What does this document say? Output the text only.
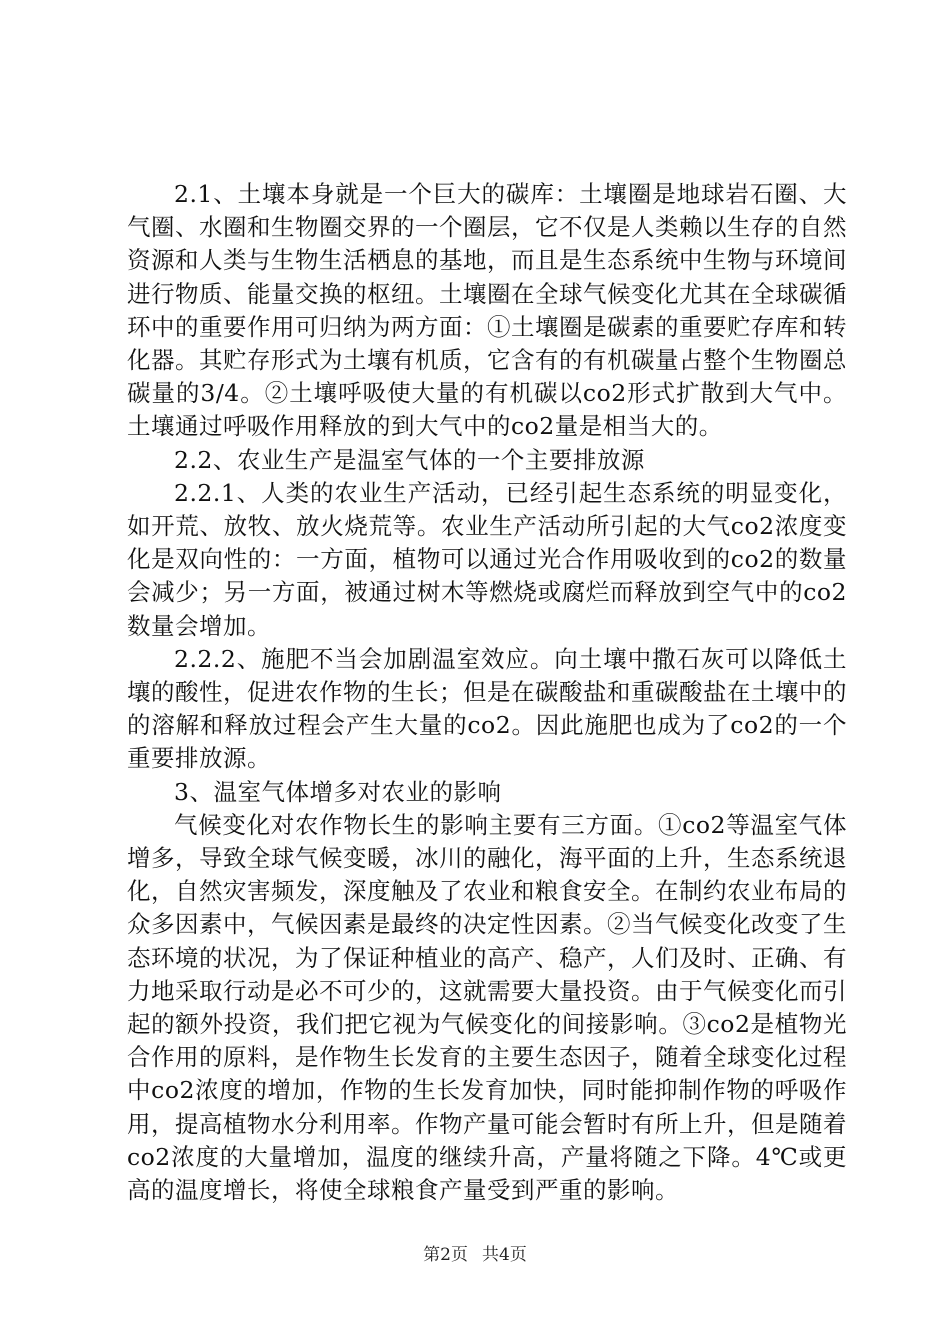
2.1、土壤本身就是一个巨大的碳库：土壤圈是地球岩石圈、大气圈、水圈和生物圈交界的一个圈层，它不仅是人类赖以生存的自然资源和人类与生物生活栖息的基地，而且是生态系统中生物与环境间进行物质、能量交换的枢纽。土壤圈在全球气候变化尤其在全球碳循环中的重要作用可归纳为两方面：①土壤圈是碳素的重要贮存库和转化器。其贮存形式为土壤有机质，它含有的有机碳量占整个生物圈总碳量的3/4。②土壤呼吸使大量的有机碳以co2形式扩散到大气中。土壤通过呼吸作用释放的到大气中的co2量是相当大的。

2.2、农业生产是温室气体的一个主要排放源

2.2.1、人类的农业生产活动，已经引起生态系统的明显变化，如开荒、放牧、放火烧荒等。农业生产活动所引起的大气co2浓度变化是双向性的：一方面，植物可以通过光合作用吸收到的co2的数量会减少；另一方面，被通过树木等燃烧或腐烂而释放到空气中的co2数量会增加。

2.2.2、施肥不当会加剧温室效应。向土壤中撒石灰可以降低土壤的酸性，促进农作物的生长；但是在碳酸盐和重碳酸盐在土壤中的的溶解和释放过程会产生大量的co2。因此施肥也成为了co2的一个重要排放源。

3、温室气体增多对农业的影响

气候变化对农作物长生的影响主要有三方面。①co2等温室气体增多，导致全球气候变暖，冰川的融化，海平面的上升，生态系统退化，自然灾害频发，深度触及了农业和粮食安全。在制约农业布局的众多因素中，气候因素是最终的决定性因素。②当气候变化改变了生态环境的状况，为了保证种植业的高产、稳产，人们及时、正确、有力地采取行动是必不可少的，这就需要大量投资。由于气候变化而引起的额外投资，我们把它视为气候变化的间接影响。③co2是植物光合作用的原料，是作物生长发育的主要生态因子，随着全球变化过程中co2浓度的增加，作物的生长发育加快，同时能抑制作物的呼吸作用，提高植物水分利用率。作物产量可能会暂时有所上升，但是随着co2浓度的大量增加，温度的继续升高，产量将随之下降。4℃或更高的温度增长，将使全球粮食产量受到严重的影响。

第2页 共4页
